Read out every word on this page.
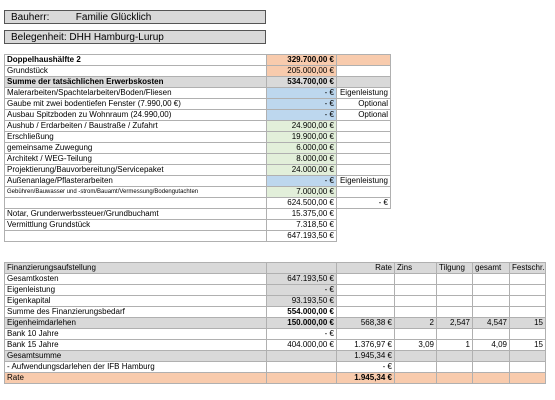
Bauherr:	Familie Glücklich
Belegenheit: DHH Hamburg-Lurup
Doppelhaushälfte 2	329.700,00 €	
Grundstück	205.000,00 €	
Summe der tatsächlichen Erwerbskosten	534.700,00 €	
Malerarbeiten/Spachtelarbeiten/Boden/Fliesen	- €	Eigenleistung
Gaube mit zwei bodentiefen Fenster (7.990,00 €)	- €	Optional
Ausbau Spitzboden zu Wohnraum (24.990,00)	- €	Optional
Aushub / Erdarbeiten / Baustraße / Zufahrt	24.900,00 €	
Erschließung	19.900,00 €	
gemeinsame Zuwegung	6.000,00 €	
Architekt / WEG-Teilung	8.000,00 €	
Projektierung/Bauvorbereitung/Servicepaket	24.000,00 €	
Außenanlage/Pflasterarbeiten	- €	Eigenleistung
Gebühren/Bauwasser und -strom/Bauamt/Vermessung/Bodengutachten	7.000,00 €	
	624.500,00 €	- €
Notar, Grunderwerbssteuer/Grundbuchamt	15.375,00 €	
Vermittlung Grundstück	7.318,50 €	
	647.193,50 €	
Finanzierungsaufstellung		Rate	Zins	Tilgung	gesamt	Festschr.
Gesamtkosten	647.193,50 €					
Eigenleistung	- €					
Eigenkapital	93.193,50 €					
Summe des Finanzierungsbedarf	554.000,00 €					
Eigenheimdarlehen	150.000,00 €	568,38 €	2	2,547	4,547	15
Bank 10 Jahre	- €					
Bank 15 Jahre	404.000,00 €	1.376,97 €	3,09	1	4,09	15
Gesamtsumme		1.945,34 €				
- Aufwendungsdarlehen der IFB Hamburg		- €				
Rate		1.945,34 €				
